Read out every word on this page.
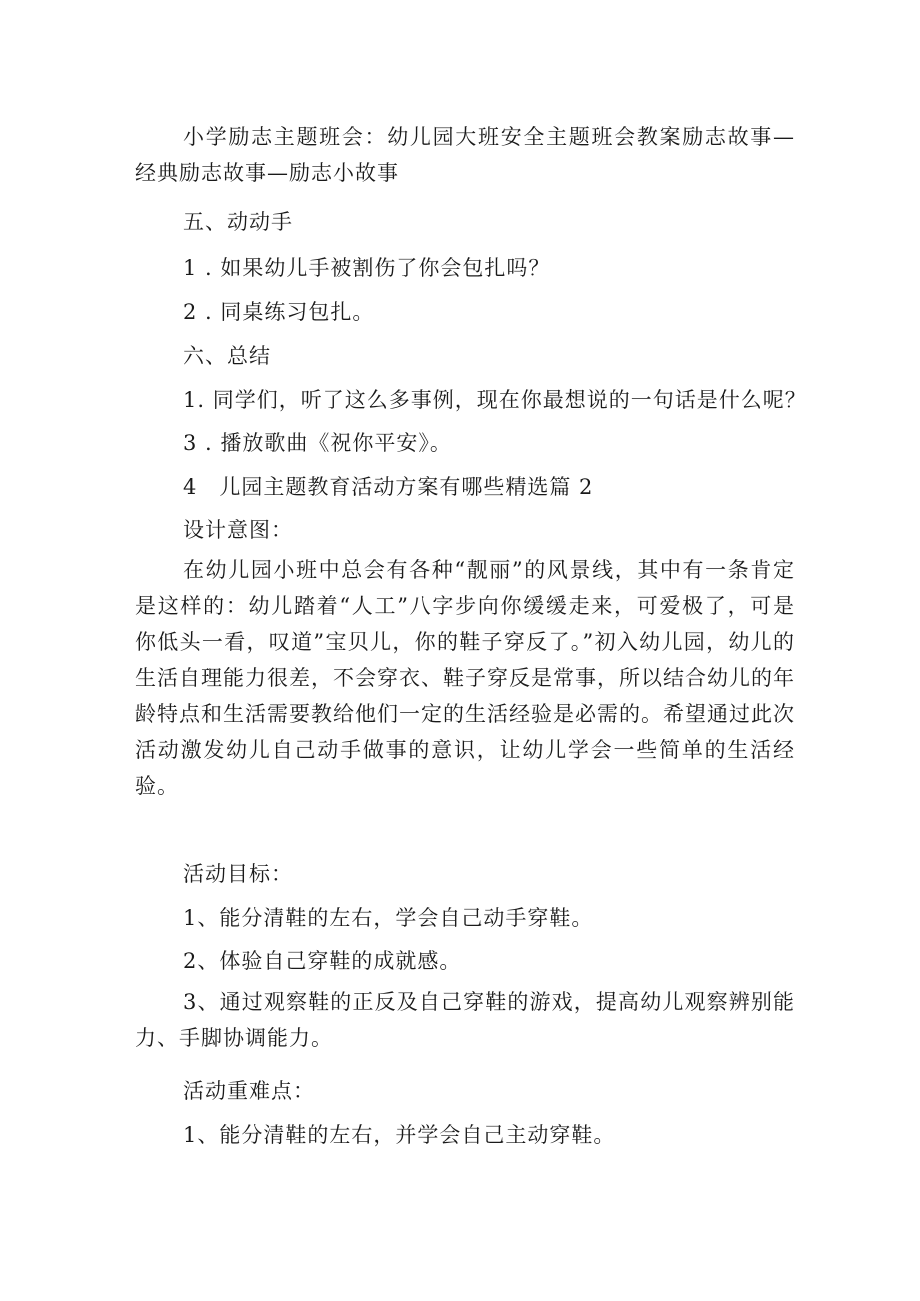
小学励志主题班会：幼儿园大班安全主题班会教案励志故事—经典励志故事—励志小故事

五、动动手

1 . 如果幼儿手被割伤了你会包扎吗？

2 . 同桌练习包扎。

六、总结

1. 同学们，听了这么多事例，现在你最想说的一句话是什么呢？

3 . 播放歌曲《祝你平安》。

4　儿园主题教育活动方案有哪些精选篇 2

设计意图：

在幼儿园小班中总会有各种“靓丽”的风景线，其中有一条肯定是这样的：幼儿踏着“人工”八字步向你缓缓走来，可爱极了，可是你低头一看，叹道”宝贝儿，你的鞋子穿反了。”初入幼儿园，幼儿的生活自理能力很差，不会穿衣、鞋子穿反是常事，所以结合幼儿的年龄特点和生活需要教给他们一定的生活经验是必需的。希望通过此次活动激发幼儿自己动手做事的意识，让幼儿学会一些简单的生活经验。

活动目标：

1、能分清鞋的左右，学会自己动手穿鞋。

2、体验自己穿鞋的成就感。

3、通过观察鞋的正反及自己穿鞋的游戏，提高幼儿观察辨别能力、手脚协调能力。

活动重难点：

1、能分清鞋的左右，并学会自己主动穿鞋。
